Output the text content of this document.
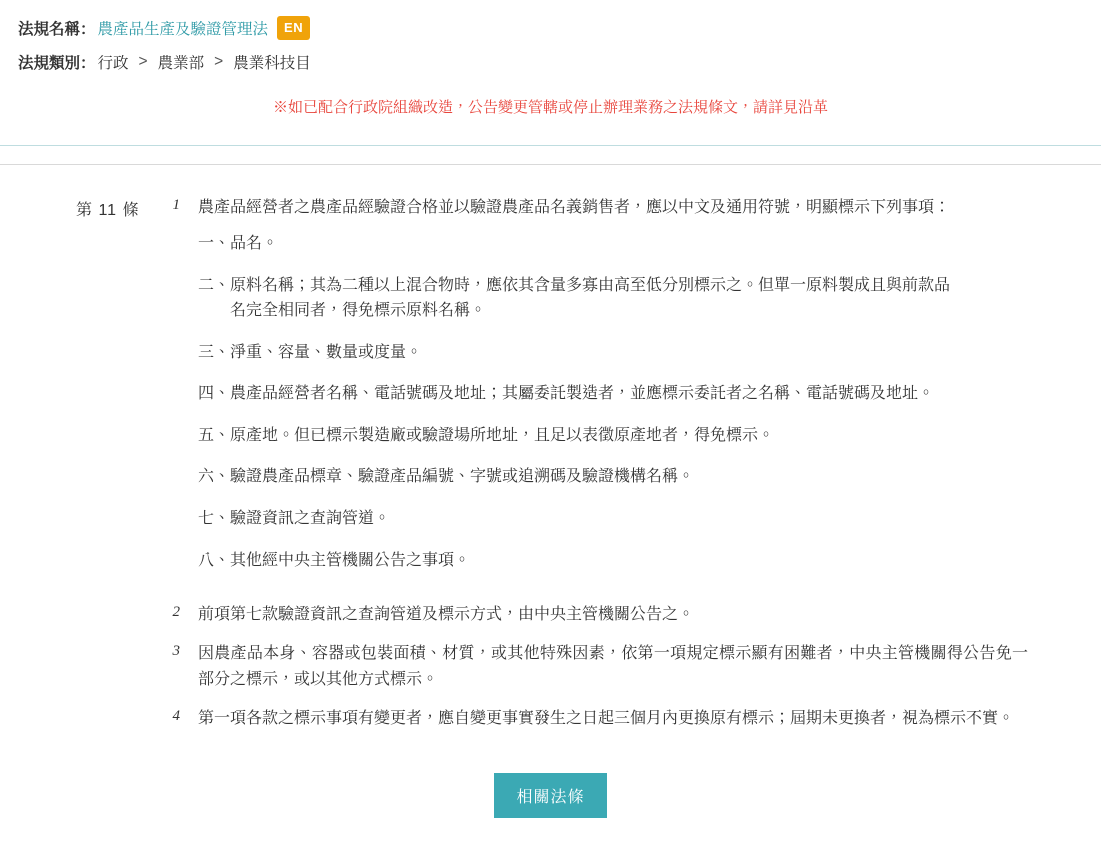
法規名稱 ： 農產品生產及驗證管理法	EN
法規類別 ： 行政 > 農業部 > 農業科技目
※如已配合行政院組織改造，公告變更管轄或停止辦理業務之法規條文，請詳見沿革
第 11 條	1	農產品經營者之農產品經驗證合格並以驗證農產品名義銷售者，應以中文及通用符號，明顯標示下列事項：
一、品名。
二、原料名稱；其為二種以上混合物時，應依其含量多寡由高至低分別標示之。但單一原料製成且與前款品
名完全相同者，得免標示原料名稱。
三、淨重、容量、數量或度量。
四、農產品經營者名稱、電話號碼及地址；其屬委託製造者，並應標示委託者之名稱、電話號碼及地址。
五、原產地。但已標示製造廠或驗證場所地址，且足以表徵原產地者，得免標示。
六、驗證農產品標章、驗證產品編號、字號或追溯碼及驗證機構名稱。
七、驗證資訊之查詢管道。
八、其他經中央主管機關公告之事項。
2	前項第七款驗證資訊之查詢管道及標示方式，由中央主管機關公告之。
3	因農產品本身、容器或包裝面積、材質，或其他特殊因素，依第一項規定標示顯有困難者，中央主管機關得公告免一部分之標示，或以其他方式標示。
4	第一項各款之標示事項有變更者，應自變更事實發生之日起三個月內更換原有標示；屆期未更換者，視為標示不實。
相關法條
